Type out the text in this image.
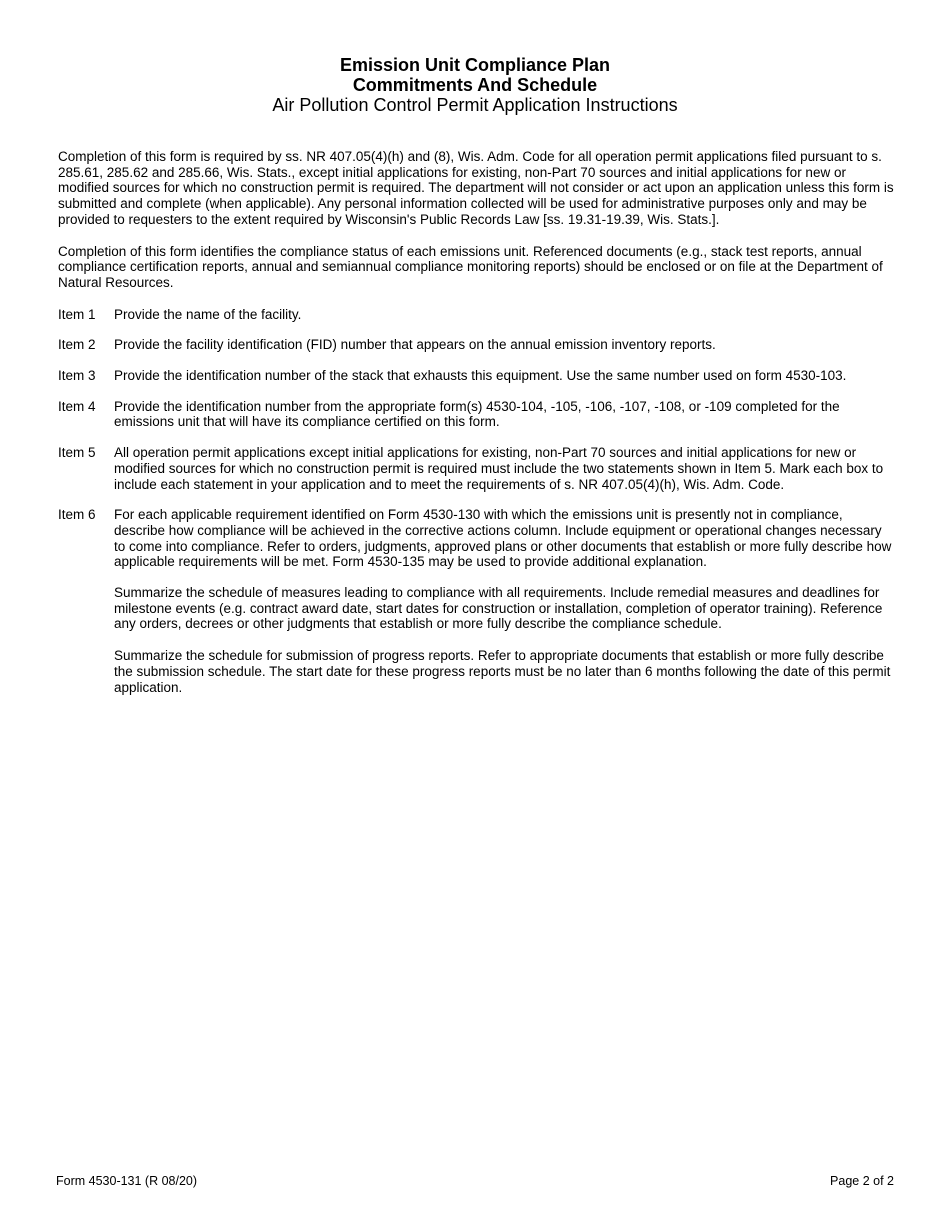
Emission Unit Compliance Plan
Commitments And Schedule
Air Pollution Control Permit Application Instructions

Completion of this form is required by ss. NR 407.05(4)(h) and (8), Wis. Adm. Code for all operation permit applications filed pursuant to s. 285.61, 285.62 and 285.66, Wis. Stats., except initial applications for existing, non-Part 70 sources and initial applications for new or modified sources for which no construction permit is required. The department will not consider or act upon an application unless this form is submitted and complete (when applicable). Any personal information collected will be used for administrative purposes only and may be provided to requesters to the extent required by Wisconsin's Public Records Law [ss. 19.31-19.39, Wis. Stats.].

Completion of this form identifies the compliance status of each emissions unit. Referenced documents (e.g., stack test reports, annual compliance certification reports, annual and semiannual compliance monitoring reports) should be enclosed or on file at the Department of Natural Resources.

Item 1	Provide the name of the facility.
Item 2	Provide the facility identification (FID) number that appears on the annual emission inventory reports.
Item 3	Provide the identification number of the stack that exhausts this equipment. Use the same number used on form 4530-103.
Item 4	Provide the identification number from the appropriate form(s) 4530-104, -105, -106, -107, -108, or -109 completed for the emissions unit that will have its compliance certified on this form.
Item 5	All operation permit applications except initial applications for existing, non-Part 70 sources and initial applications for new or modified sources for which no construction permit is required must include the two statements shown in Item 5. Mark each box to include each statement in your application and to meet the requirements of s. NR 407.05(4)(h), Wis. Adm. Code.
Item 6	For each applicable requirement identified on Form 4530-130 with which the emissions unit is presently not in compliance, describe how compliance will be achieved in the corrective actions column. Include equipment or operational changes necessary to come into compliance. Refer to orders, judgments, approved plans or other documents that establish or more fully describe how applicable requirements will be met. Form 4530-135 may be used to provide additional explanation.

Summarize the schedule of measures leading to compliance with all requirements. Include remedial measures and deadlines for milestone events (e.g. contract award date, start dates for construction or installation, completion of operator training). Reference any orders, decrees or other judgments that establish or more fully describe the compliance schedule.

Summarize the schedule for submission of progress reports. Refer to appropriate documents that establish or more fully describe the submission schedule. The start date for these progress reports must be no later than 6 months following the date of this permit application.

Form 4530-131 (R 08/20)	Page 2 of 2
